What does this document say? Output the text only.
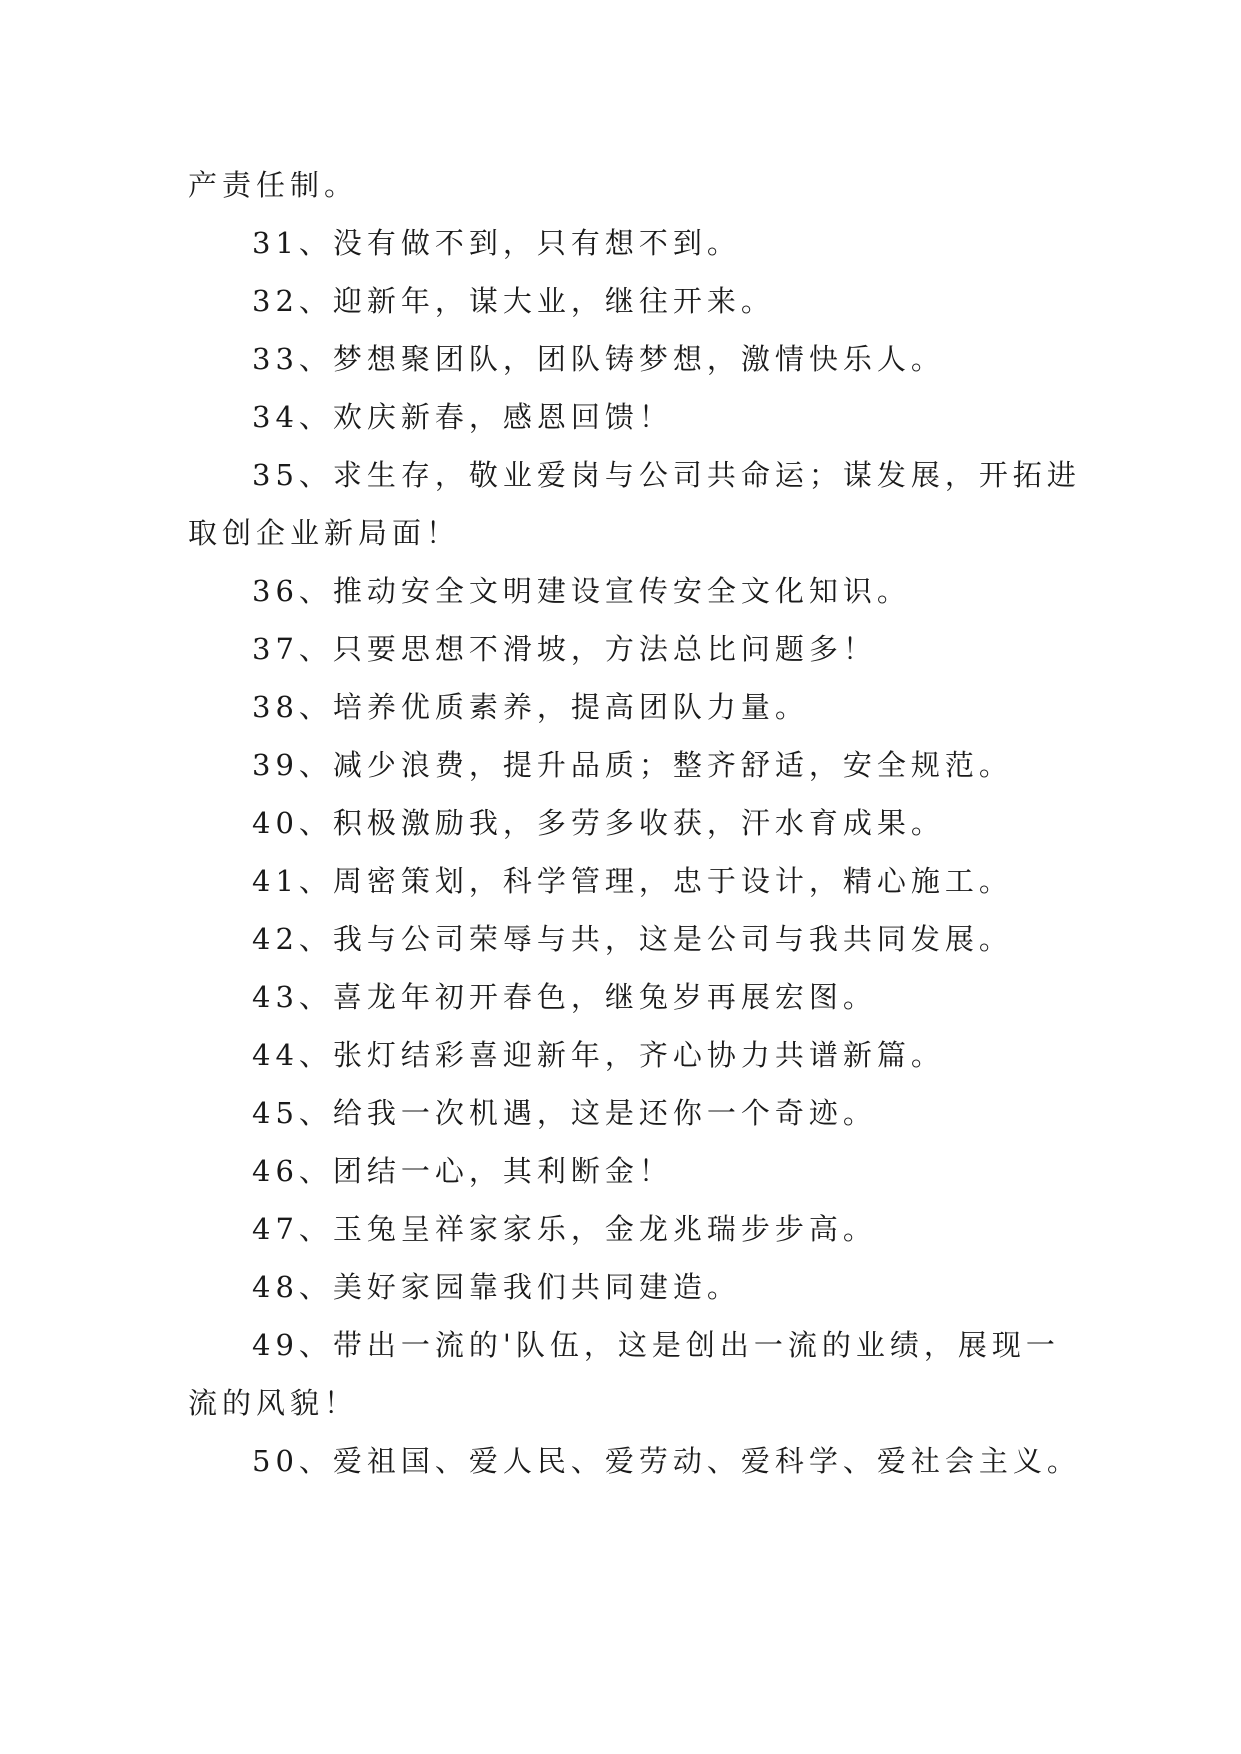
产责任制。
31、没有做不到，只有想不到。
32、迎新年，谋大业，继往开来。
33、梦想聚团队，团队铸梦想，激情快乐人。
34、欢庆新春，感恩回馈！
35、求生存，敬业爱岗与公司共命运；谋发展，开拓进
取创企业新局面！
36、推动安全文明建设宣传安全文化知识。
37、只要思想不滑坡，方法总比问题多！
38、培养优质素养，提高团队力量。
39、减少浪费，提升品质；整齐舒适，安全规范。
40、积极激励我，多劳多收获，汗水育成果。
41、周密策划，科学管理，忠于设计，精心施工。
42、我与公司荣辱与共，这是公司与我共同发展。
43、喜龙年初开春色，继兔岁再展宏图。
44、张灯结彩喜迎新年，齐心协力共谱新篇。
45、给我一次机遇，这是还你一个奇迹。
46、团结一心，其利断金！
47、玉兔呈祥家家乐，金龙兆瑞步步高。
48、美好家园靠我们共同建造。
49、带出一流的'队伍，这是创出一流的业绩，展现一
流的风貌！
50、爱祖国、爱人民、爱劳动、爱科学、爱社会主义。
